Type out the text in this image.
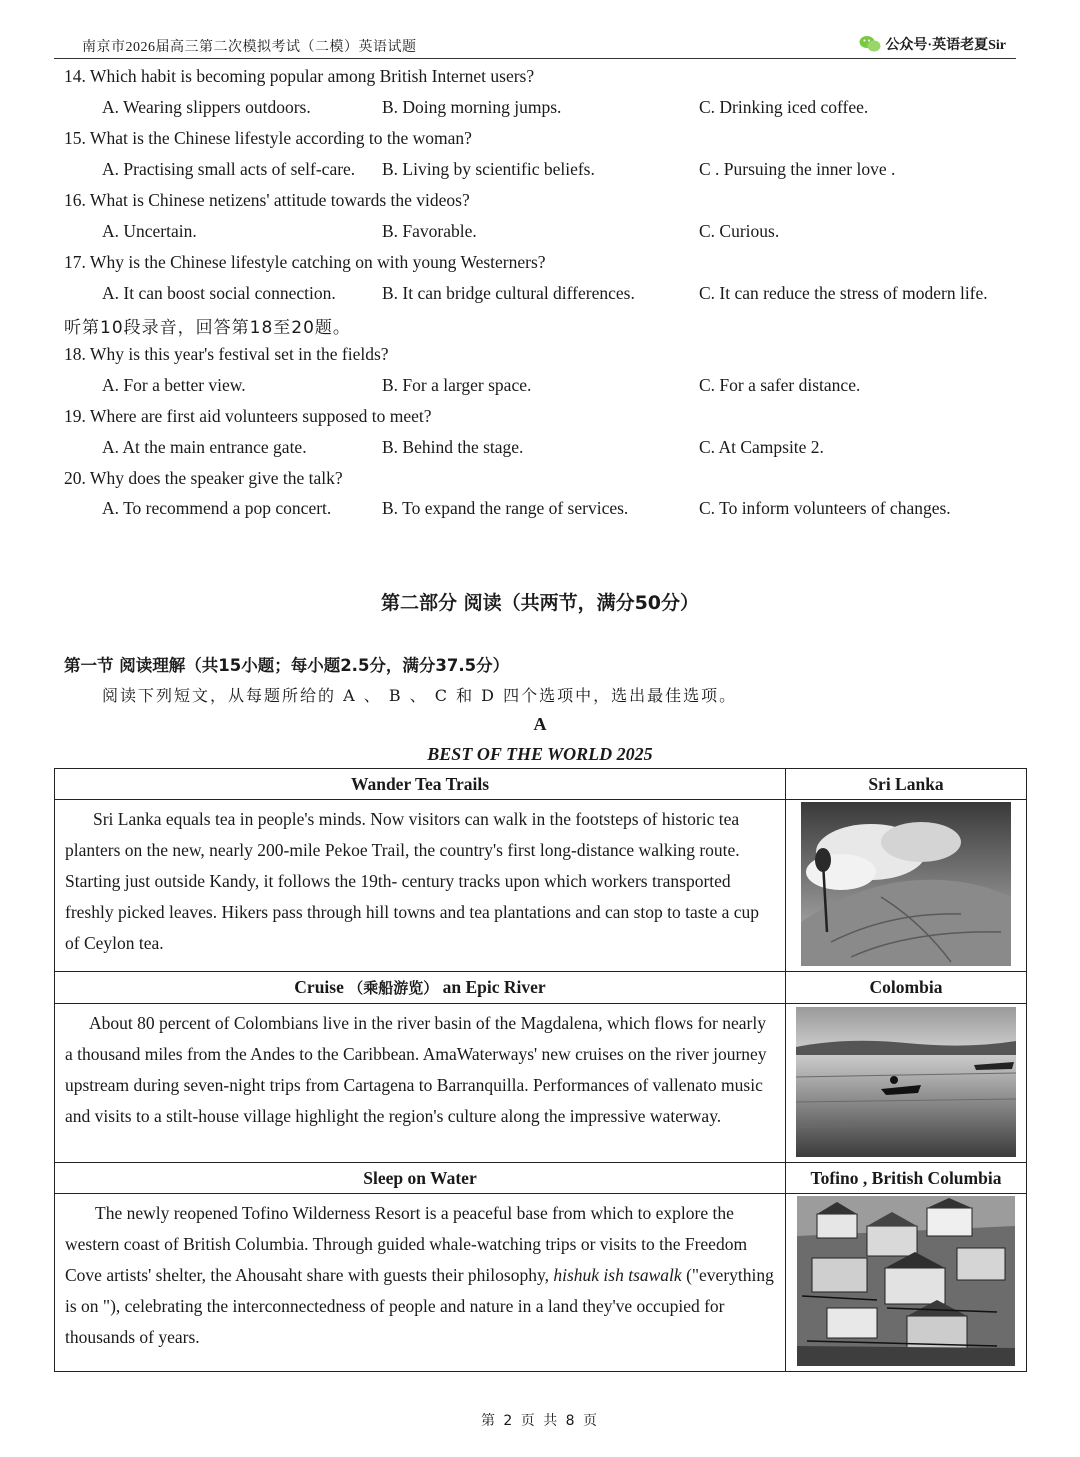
南京市2026届高三第二次模拟考试（二模）英语试题	公众号·英语老夏Sir
14. Which habit is becoming popular among British Internet users?
A. Wearing slippers outdoors.	B. Doing morning jumps.	C. Drinking iced coffee.
15. What is the Chinese lifestyle according to the woman?
A. Practising small acts of self-care. B. Living by scientific beliefs.	C . Pursuing the inner love .
16. What is Chinese netizens' attitude towards the videos?
A. Uncertain.	B. Favorable.	C. Curious.
17. Why is the Chinese lifestyle catching on with young Westerners?
A. It can boost social connection.	B. It can bridge cultural differences.	C. It can reduce the stress of modern life.
听第10段录音，回答第18至20题。
18. Why is this year's festival set in the fields?
A. For a better view.	B. For a larger space.	C. For a safer distance.
19. Where are first aid volunteers supposed to meet?
A. At the main entrance gate.	B. Behind the stage.	C. At Campsite 2.
20. Why does the speaker give the talk?
A. To recommend a pop concert.	B. To expand the range of services.	C. To inform volunteers of changes.
第二部分 阅读（共两节，满分50分）
第一节 阅读理解（共15小题；每小题2.5分，满分37.5分）
阅读下列短文，从每题所给的 A 、 B 、 C 和 D 四个选项中，选出最佳选项。
A
BEST OF THE WORLD 2025
Wander Tea Trails	Sri Lanka

Sri Lanka equals tea in people's minds. Now visitors can walk in the footsteps of historic tea planters on the new, nearly 200-mile Pekoe Trail, the country's first long-distance walking route. Starting just outside Kandy, it follows the 19th- century tracks upon which workers transported freshly picked leaves. Hikers pass through hill towns and tea plantations and can stop to taste a cup of Ceylon tea.

Cruise （乘船游览） an Epic River	Colombia

About 80 percent of Colombians live in the river basin of the Magdalena, which flows for nearly a thousand miles from the Andes to the Caribbean. AmaWaterways' new cruises on the river journey upstream during seven-night trips from Cartagena to Barranquilla. Performances of vallenato music and visits to a stilt-house village highlight the region's culture along the impressive waterway.

Sleep on Water	Tofino , British Columbia

The newly reopened Tofino Wilderness Resort is a peaceful base from which to explore the western coast of British Columbia. Through guided whale-watching trips or visits to the Freedom Cove artists' shelter, the Ahousaht share with guests their philosophy, hishuk ish tsawalk ("everything is on "), celebrating the interconnectedness of people and nature in a land they've occupied for thousands of years.

第 2 页 共 8 页
